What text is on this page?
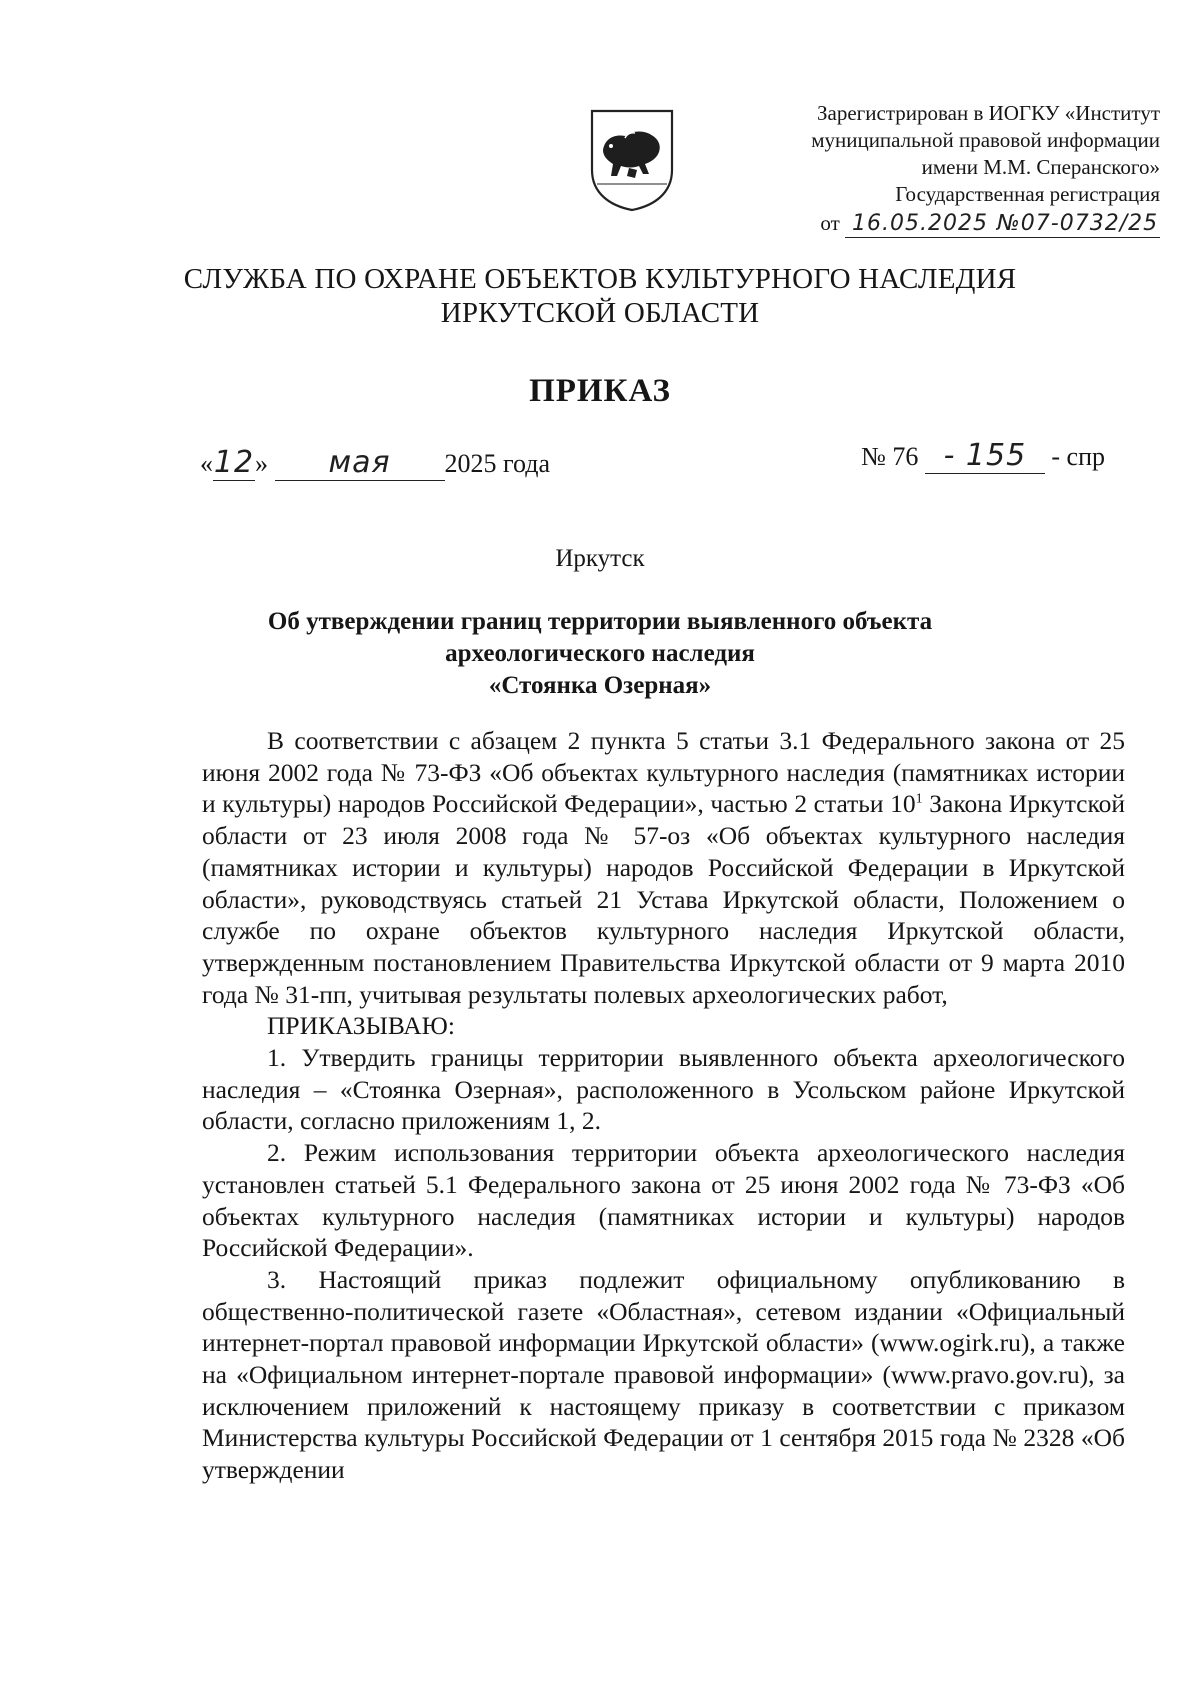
Зарегистрирован в ИОГКУ «Институт
муниципальной правовой информации
имени М.М. Сперанского»
Государственная регистрация
от 16.05.2025 №07-0732/25
СЛУЖБА ПО ОХРАНЕ ОБЪЕКТОВ КУЛЬТУРНОГО НАСЛЕДИЯ
ИРКУТСКОЙ ОБЛАСТИ
ПРИКАЗ
«12» мая 2025 года	№ 76 - 155 - спр
Иркутск
Об утверждении границ территории выявленного объекта
археологического наследия
«Стоянка Озерная»

В соответствии с абзацем 2 пункта 5 статьи 3.1 Федерального закона от 25 июня 2002 года № 73-ФЗ «Об объектах культурного наследия (памятниках истории и культуры) народов Российской Федерации», частью 2 статьи $10^1$ Закона Иркутской области от 23 июля 2008 года № 57-оз «Об объектах культурного наследия (памятниках истории и культуры) народов Российской Федерации в Иркутской области», руководствуясь статьей 21 Устава Иркутской области, Положением о службе по охране объектов культурного наследия Иркутской области, утвержденным постановлением Правительства Иркутской области от 9 марта 2010 года № 31-пп, учитывая результаты полевых археологических работ,

ПРИКАЗЫВАЮ:

1. Утвердить границы территории выявленного объекта археологического наследия – «Стоянка Озерная», расположенного в Усольском районе Иркутской области, согласно приложениям 1, 2.

2. Режим использования территории объекта археологического наследия установлен статьей 5.1 Федерального закона от 25 июня 2002 года № 73-ФЗ «Об объектах культурного наследия (памятниках истории и культуры) народов Российской Федерации».

3. Настоящий приказ подлежит официальному опубликованию в общественно-политической газете «Областная», сетевом издании «Официальный интернет-портал правовой информации Иркутской области» (www.ogirk.ru), а также на «Официальном интернет-портале правовой информации» (www.pravo.gov.ru), за исключением приложений к настоящему приказу в соответствии с приказом Министерства культуры Российской Федерации от 1 сентября 2015 года № 2328 «Об утверждении
